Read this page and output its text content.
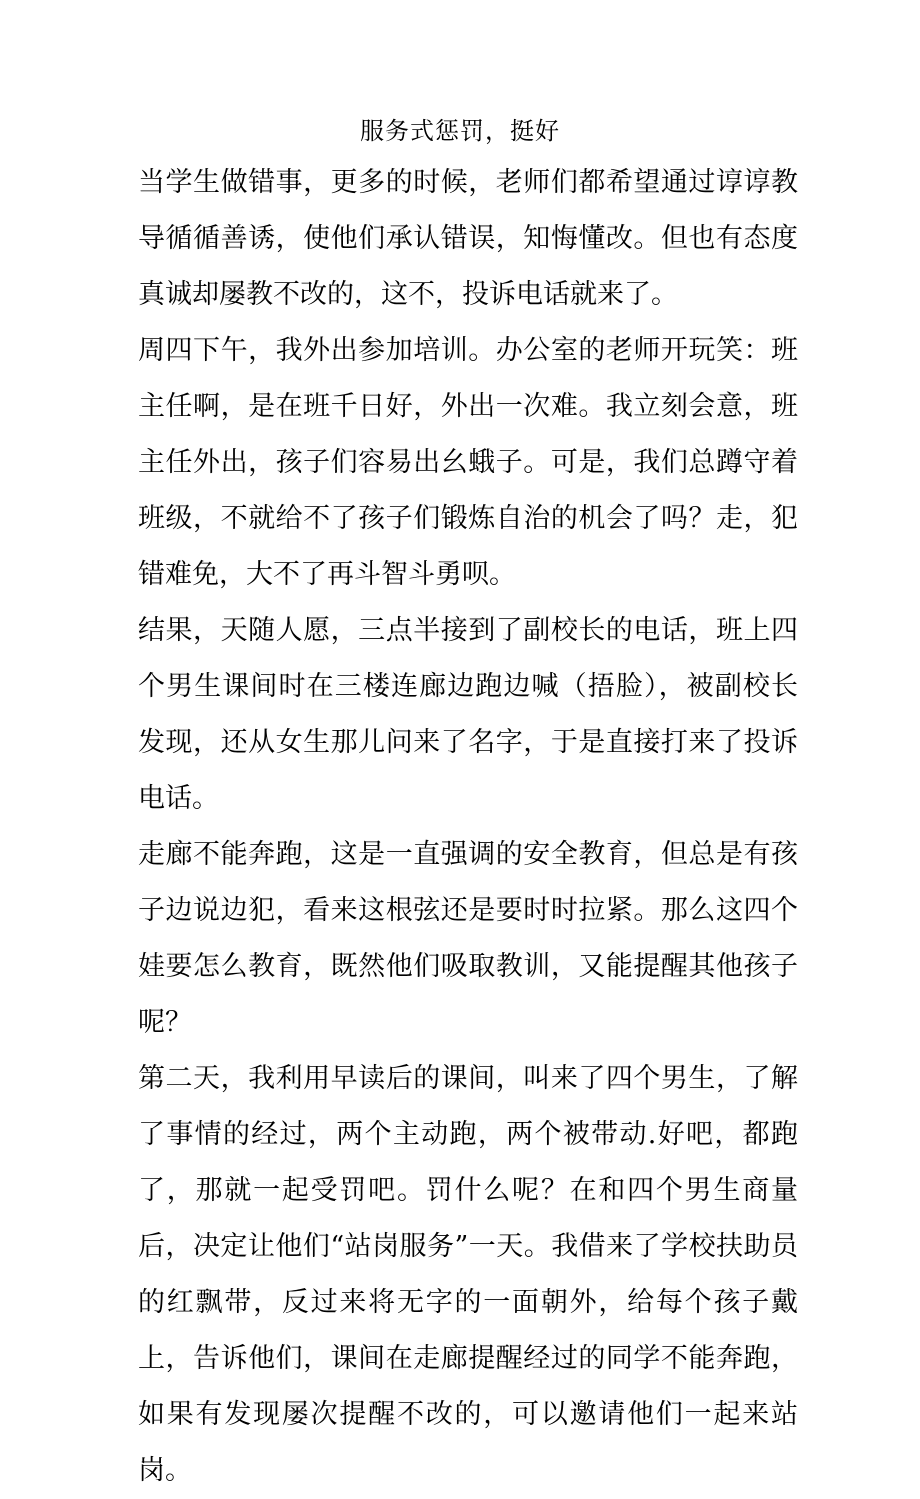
服务式惩罚，挺好

当学生做错事，更多的时候，老师们都希望通过谆谆教导循循善诱，使他们承认错误，知悔懂改。但也有态度真诚却屡教不改的，这不，投诉电话就来了。

周四下午，我外出参加培训。办公室的老师开玩笑：班主任啊，是在班千日好，外出一次难。我立刻会意，班主任外出，孩子们容易出幺蛾子。可是，我们总蹲守着班级，不就给不了孩子们锻炼自治的机会了吗？走，犯错难免，大不了再斗智斗勇呗。

结果，天随人愿，三点半接到了副校长的电话，班上四个男生课间时在三楼连廊边跑边喊（捂脸），被副校长发现，还从女生那儿问来了名字，于是直接打来了投诉电话。

走廊不能奔跑，这是一直强调的安全教育，但总是有孩子边说边犯，看来这根弦还是要时时拉紧。那么这四个娃要怎么教育，既然他们吸取教训，又能提醒其他孩子呢？

第二天，我利用早读后的课间，叫来了四个男生，了解了事情的经过，两个主动跑，两个被带动.好吧，都跑了，那就一起受罚吧。罚什么呢？在和四个男生商量后，决定让他们“站岗服务”一天。我借来了学校扶助员的红飘带，反过来将无字的一面朝外，给每个孩子戴上，告诉他们，课间在走廊提醒经过的同学不能奔跑，如果有发现屡次提醒不改的，可以邀请他们一起来站岗。
